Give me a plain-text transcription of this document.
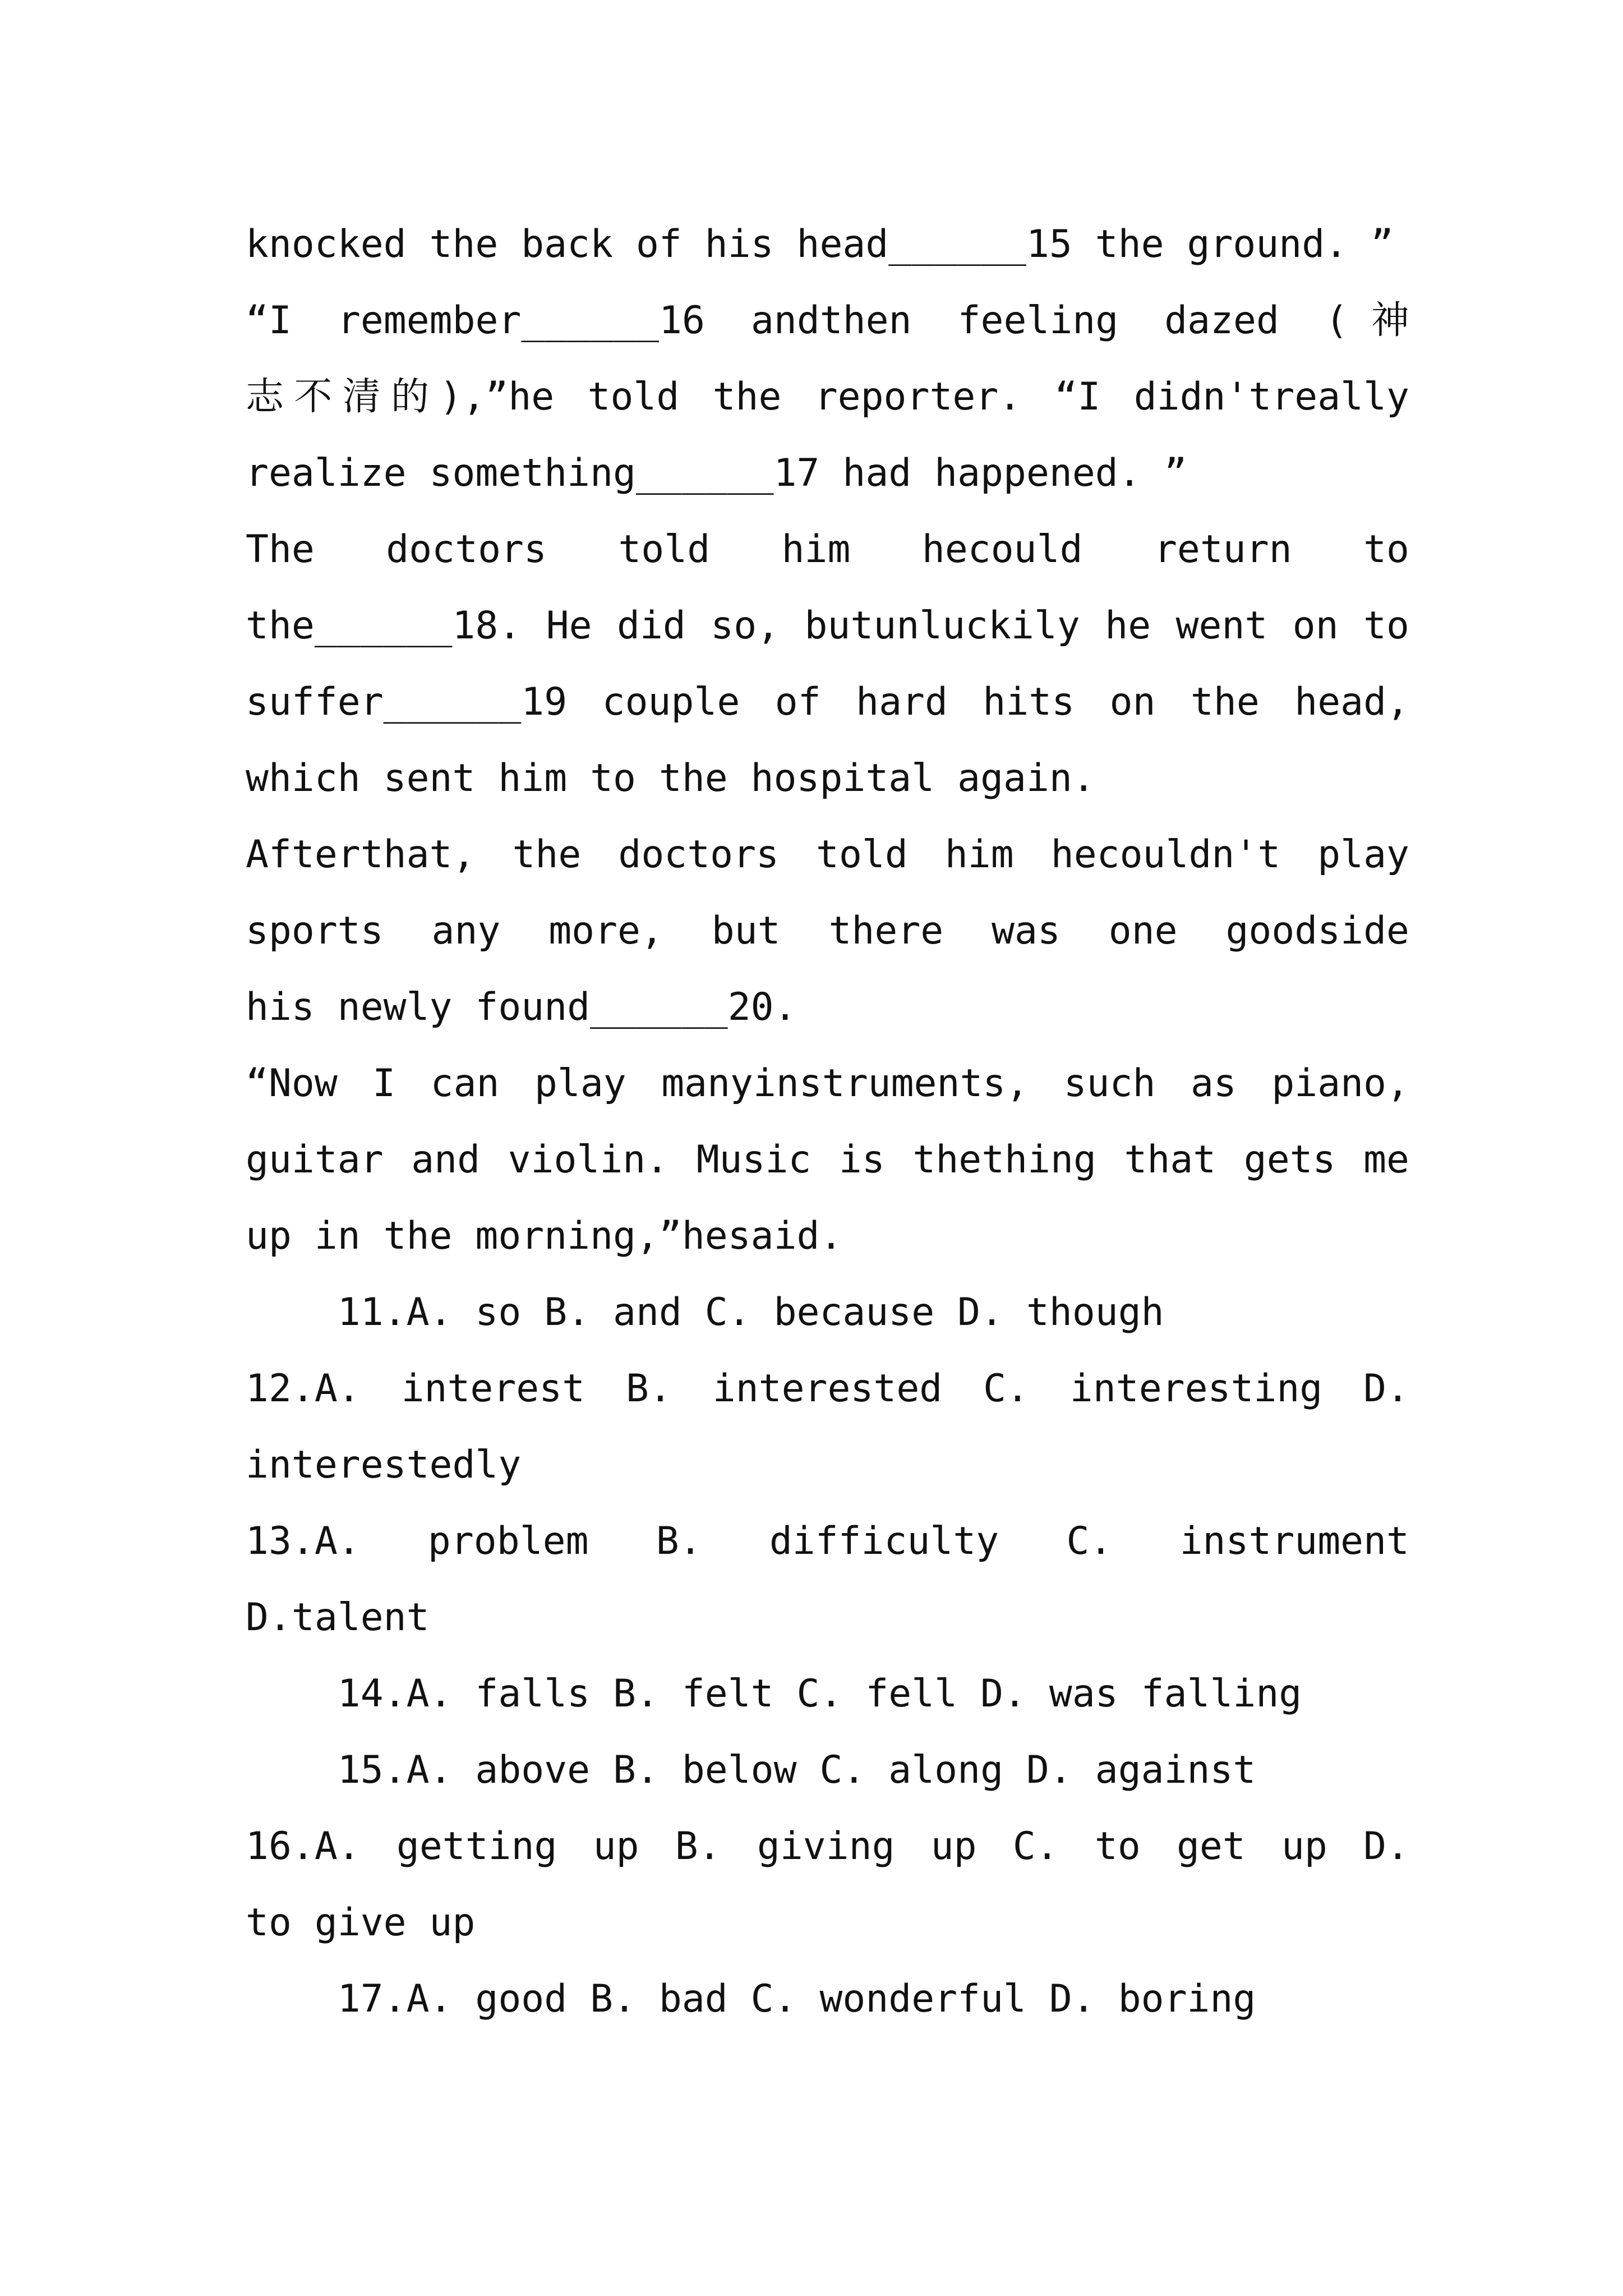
knocked the back of his head______15 the ground. ”
“I remember______16 andthen feeling dazed (神
志不清的),”he told the reporter. “I didn'treally
realize something______17 had happened. ”
The doctors told him hecould return to
the______18. He did so, butunluckily he went on to
suffer______19 couple of hard hits on the head,
which sent him to the hospital again.
Afterthat, the doctors told him hecouldn't play
sports any more, but there was one goodside
his newly found______20.
“Now I can play manyinstruments, such as piano,
guitar and violin. Music is thething that gets me
up in the morning,”hesaid.
11.A. so B. and C. because D. though
12.A. interest B. interested C. interesting D.
interestedly
13.A. problem B. difficulty C. instrument
D.talent
14.A. falls B. felt C. fell D. was falling
15.A. above B. below C. along D. against
16.A. getting up B. giving up C. to get up D.
to give up
17.A. good B. bad C. wonderful D. boring
